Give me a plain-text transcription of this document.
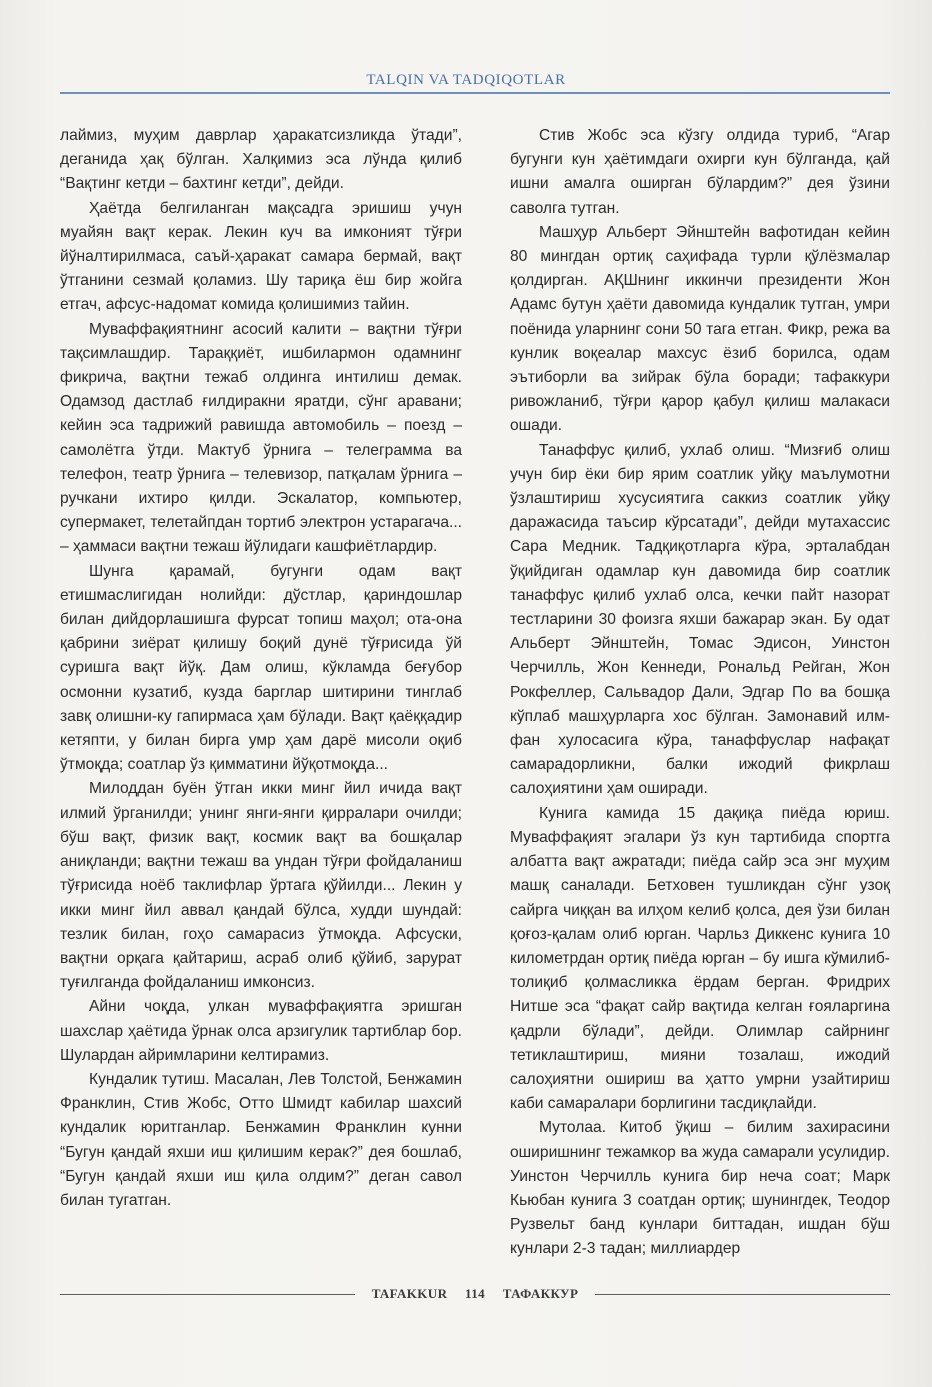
TALQIN VA TADQIQOTLAR

лаймиз, муҳим даврлар ҳаракатсизликда ўтади”, деганида ҳақ бўлган. Халқимиз эса лўнда қилиб “Вақтинг кетди – бахтинг кетди”, дейди.

Ҳаётда белгиланган мақсадга эришиш учун муайян вақт керак. Лекин куч ва имконият тўғри йўналтирилмаса, саъй-ҳаракат самара бермай, вақт ўтганини сезмай қоламиз. Шу тариқа ёш бир жойга етгач, афсус-надомат комида қолишимиз тайин.

Муваффақиятнинг асосий калити – вақтни тўғри тақсимлашдир. Тараққиёт, ишбилармон одамнинг фикрича, вақтни тежаб олдинга интилиш демак. Одамзод дастлаб ғилдиракни яратди, сўнг аравани; кейин эса тадрижий равишда автомобиль – поезд – самолётга ўтди. Мактуб ўрнига – телеграмма ва телефон, театр ўрнига – телевизор, патқалам ўрнига – ручкани ихтиро қилди. Эскалатор, компьютер, супермакет, телетайпдан тортиб электрон устарагача... – ҳаммаси вақтни тежаш йўлидаги кашфиётлардир.

Шунга қарамай, бугунги одам вақт етишмаслигидан нолийди: дўстлар, қариндошлар билан дийдорлашишга фурсат топиш маҳол; ота-она қабрини зиёрат қилишу боқий дунё тўғрисида ўй суришга вақт йўқ. Дам олиш, кўкламда беғубор осмонни кузатиб, кузда барглар шитирини тинглаб завқ олишни-ку гапирмаса ҳам бўлади. Вақт қаёққадир кетяпти, у билан бирга умр ҳам дарё мисоли оқиб ўтмоқда; соатлар ўз қимматини йўқотмоқда...

Милоддан буён ўтган икки минг йил ичида вақт илмий ўрганилди; унинг янги-янги қирралари очилди; бўш вақт, физик вақт, космик вақт ва бошқалар аниқланди; вақтни тежаш ва ундан тўғри фойдаланиш тўғрисида ноёб таклифлар ўртага қўйилди... Лекин у икки минг йил аввал қандай бўлса, худди шундай: тезлик билан, гоҳо самарасиз ўтмоқда. Афсуски, вақтни орқага қайтариш, асраб олиб қўйиб, зарурат туғилганда фойдаланиш имконсиз.

Айни чоқда, улкан муваффақиятга эришган шахслар ҳаётида ўрнак олса арзигулик тартиблар бор. Шулардан айримларини келтирамиз.

Кундалик тутиш. Масалан, Лев Толстой, Бенжамин Франклин, Стив Жобс, Отто Шмидт кабилар шахсий кундалик юритганлар. Бенжамин Франклин кунни “Бугун қандай яхши иш қилишим керак?” дея бошлаб, “Бугун қандай яхши иш қила олдим?” деган савол билан тугатган.

Стив Жобс эса кўзгу олдида туриб, “Агар бугунги кун ҳаётимдаги охирги кун бўлганда, қай ишни амалга оширган бўлардим?” дея ўзини саволга тутган.

Машҳур Альберт Эйнштейн вафотидан кейин 80 мингдан ортиқ саҳифада турли қўлёзмалар қолдирган. АҚШнинг иккинчи президенти Жон Адамс бутун ҳаёти давомида кундалик тутган, умри поёнида уларнинг сони 50 тага етган. Фикр, режа ва кунлик воқеалар махсус ёзиб борилса, одам эътиборли ва зийрак бўла боради; тафаккури ривожланиб, тўғри қарор қабул қилиш малакаси ошади.

Танаффус қилиб, ухлаб олиш. “Мизғиб олиш учун бир ёки бир ярим соатлик уйқу маълумотни ўзлаштириш хусусиятига саккиз соатлик уйқу даражасида таъсир кўрсатади”, дейди мутахассис Сара Медник. Тадқиқотларга кўра, эрталабдан ўқийдиган одамлар кун давомида бир соатлик танаффус қилиб ухлаб олса, кечки пайт назорат тестларини 30 фоизга яхши бажарар экан. Бу одат Альберт Эйнштейн, Томас Эдисон, Уинстон Черчилль, Жон Кеннеди, Рональд Рейган, Жон Рокфеллер, Сальвадор Дали, Эдгар По ва бошқа кўплаб машҳурларга хос бўлган. Замонавий илм-фан хулосасига кўра, танаффуслар нафақат самарадорликни, балки ижодий фикрлаш салоҳиятини ҳам оширади.

Кунига камида 15 дақиқа пиёда юриш. Муваффақият эгалари ўз кун тартибида спортга албатта вақт ажратади; пиёда сайр эса энг муҳим машқ саналади. Бетховен тушликдан сўнг узоқ сайрга чиққан ва илҳом келиб қолса, дея ўзи билан қоғоз-қалам олиб юрган. Чарльз Диккенс кунига 10 километрдан ортиқ пиёда юрган – бу ишга кўмилиб-толиқиб қолмасликка ёрдам берган. Фридрих Нитше эса “фақат сайр вақтида келган ғояларгина қадрли бўлади”, дейди. Олимлар сайрнинг тетиклаштириш, мияни тозалаш, ижодий салоҳиятни ошириш ва ҳатто умрни узайтириш каби самаралари борлигини тасдиқлайди.

Мутолаа. Китоб ўқиш – билим захирасини оширишнинг тежамкор ва жуда самарали усулидир. Уинстон Черчилль кунига бир неча соат; Марк Кьюбан кунига 3 соатдан ортиқ; шунингдек, Теодор Рузвельт банд кунлари биттадан, ишдан бўш кунлари 2-3 тадан; миллиардер

TAFAKKUR 114 ТАФАККУР
